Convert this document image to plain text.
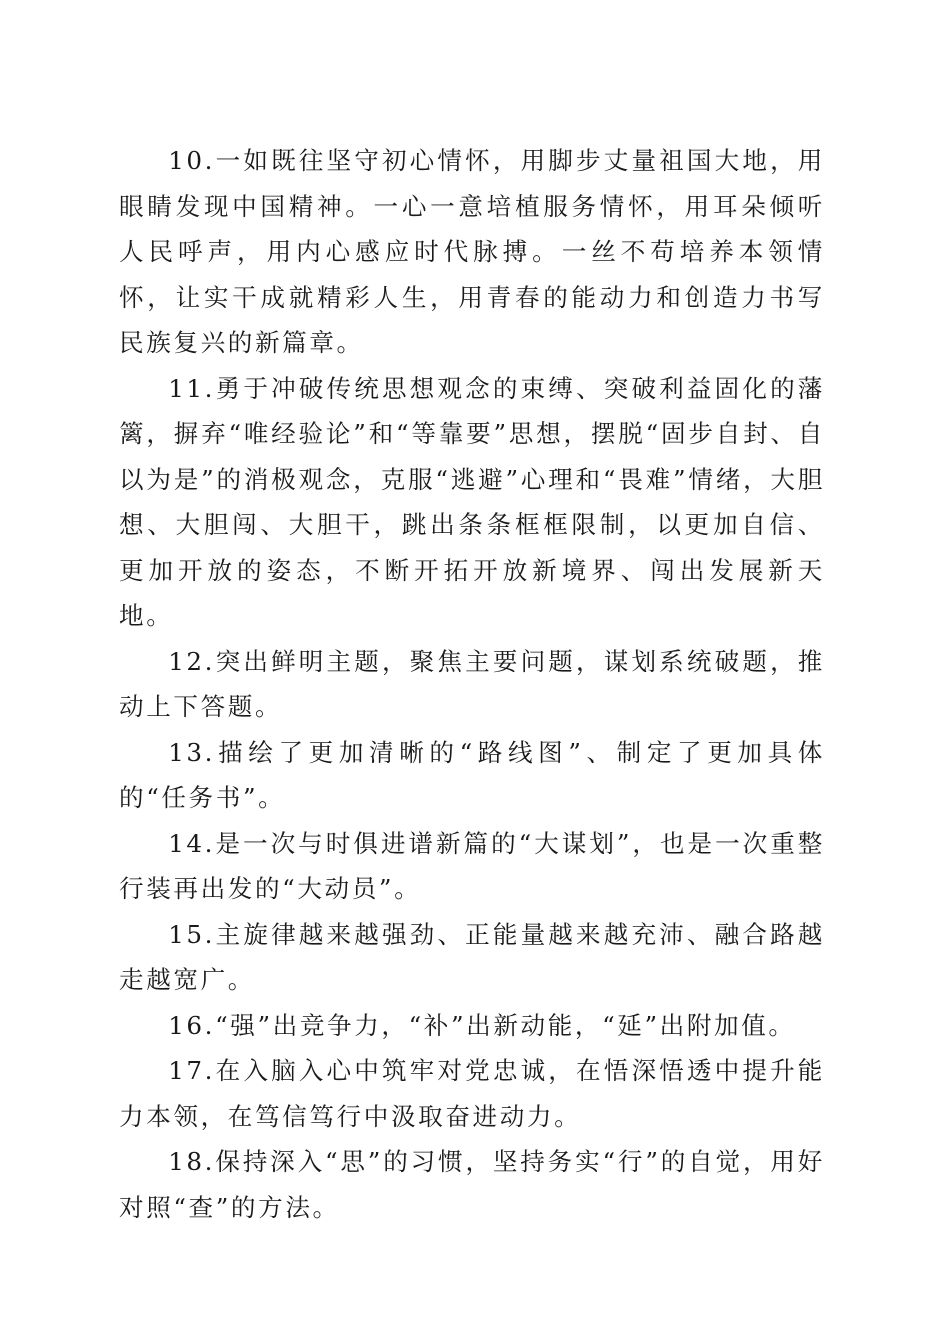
10.一如既往坚守初心情怀，用脚步丈量祖国大地，用眼睛发现中国精神。一心一意培植服务情怀，用耳朵倾听人民呼声，用内心感应时代脉搏。一丝不苟培养本领情怀，让实干成就精彩人生，用青春的能动力和创造力书写民族复兴的新篇章。

11.勇于冲破传统思想观念的束缚、突破利益固化的藩篱，摒弃“唯经验论”和“等靠要”思想，摆脱“固步自封、自以为是”的消极观念，克服“逃避”心理和“畏难”情绪，大胆想、大胆闯、大胆干，跳出条条框框限制，以更加自信、更加开放的姿态，不断开拓开放新境界、闯出发展新天地。

12.突出鲜明主题，聚焦主要问题，谋划系统破题，推动上下答题。

13.描绘了更加清晰的“路线图”、制定了更加具体的“任务书”。

14.是一次与时俱进谱新篇的“大谋划”，也是一次重整行装再出发的“大动员”。

15.主旋律越来越强劲、正能量越来越充沛、融合路越走越宽广。

16.“强”出竞争力，“补”出新动能，“延”出附加值。

17.在入脑入心中筑牢对党忠诚，在悟深悟透中提升能力本领，在笃信笃行中汲取奋进动力。

18.保持深入“思”的习惯，坚持务实“行”的自觉，用好对照“查”的方法。
